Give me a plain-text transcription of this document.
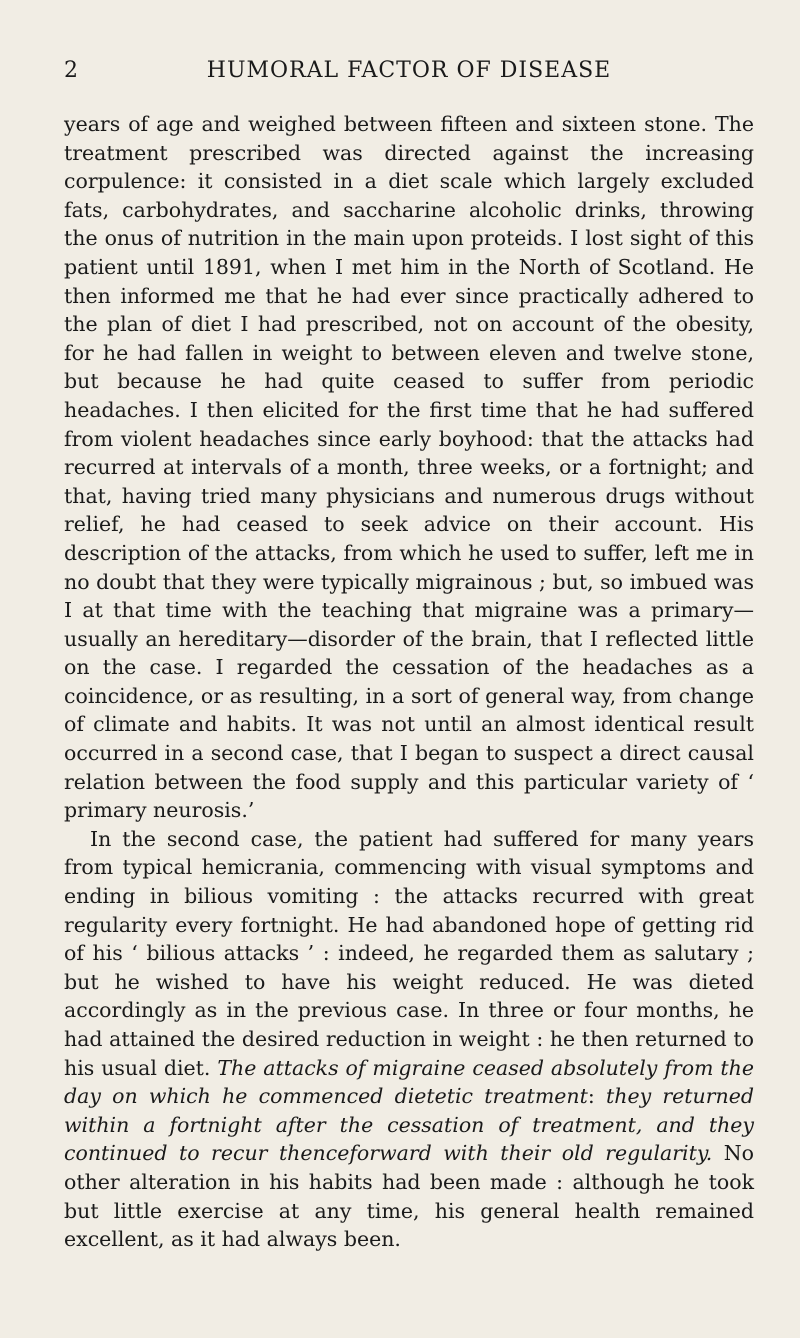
2	HUMORAL FACTOR OF DISEASE

years of age and weighed between fifteen and sixteen stone. The treatment prescribed was directed against the increasing corpulence: it consisted in a diet scale which largely excluded fats, carbohydrates, and saccharine alcoholic drinks, throwing the onus of nutrition in the main upon proteids. I lost sight of this patient until 1891, when I met him in the North of Scotland. He then informed me that he had ever since practically adhered to the plan of diet I had prescribed, not on account of the obesity, for he had fallen in weight to between eleven and twelve stone, but because he had quite ceased to suffer from periodic headaches. I then elicited for the first time that he had suffered from violent headaches since early boyhood: that the attacks had recurred at intervals of a month, three weeks, or a fortnight; and that, having tried many physicians and numerous drugs without relief, he had ceased to seek advice on their account. His description of the attacks, from which he used to suffer, left me in no doubt that they were typically migrainous ; but, so imbued was I at that time with the teaching that migraine was a primary—usually an hereditary—disorder of the brain, that I reflected little on the case. I regarded the cessation of the headaches as a coincidence, or as resulting, in a sort of general way, from change of climate and habits. It was not until an almost identical result occurred in a second case, that I began to suspect a direct causal relation between the food supply and this particular variety of ‘ primary neurosis.’

In the second case, the patient had suffered for many years from typical hemicrania, commencing with visual symptoms and ending in bilious vomiting : the attacks recurred with great regularity every fortnight. He had abandoned hope of getting rid of his ‘ bilious attacks ’ : indeed, he regarded them as salutary ; but he wished to have his weight reduced. He was dieted accordingly as in the previous case. In three or four months, he had attained the desired reduction in weight : he then returned to his usual diet. The attacks of migraine ceased absolutely from the day on which he commenced dietetic treatment: they returned within a fortnight after the cessation of treatment, and they continued to recur thenceforward with their old regularity. No other alteration in his habits had been made : although he took but little exercise at any time, his general health remained excellent, as it had always been.
